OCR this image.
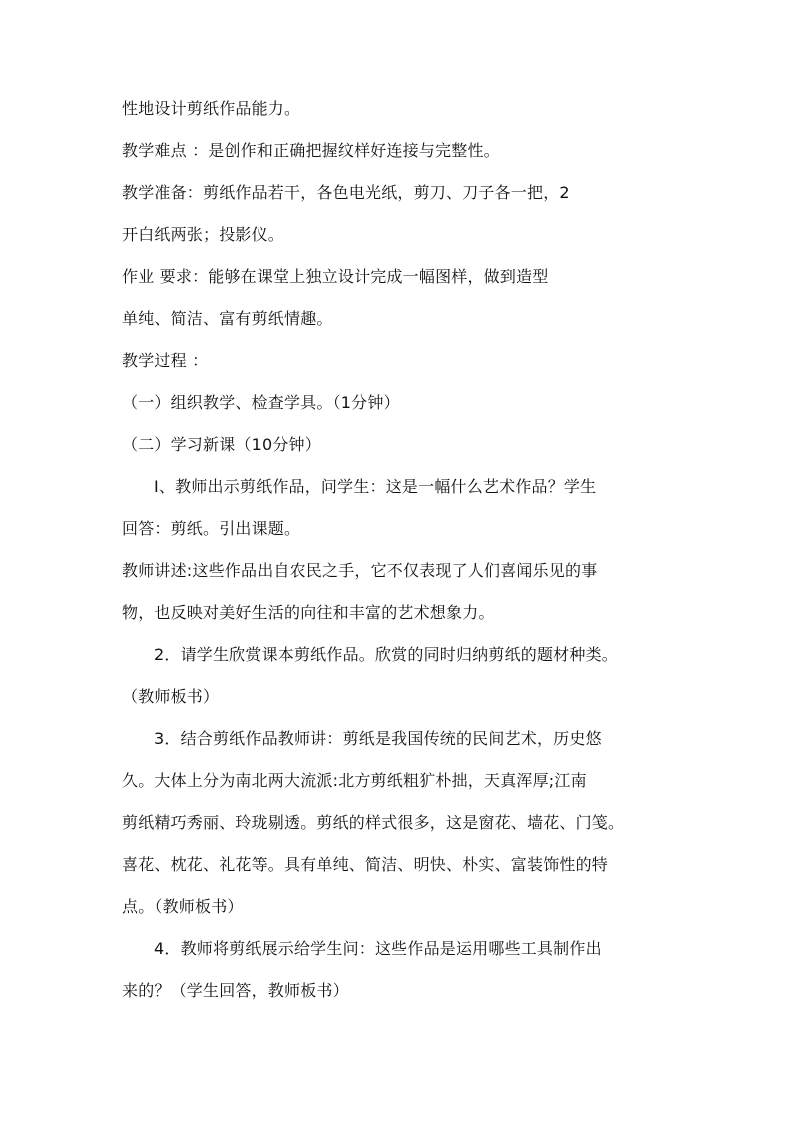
性地设计剪纸作品能力。
教学难点 ：是创作和正确把握纹样好连接与完整性。
教学准备：剪纸作品若干，各色电光纸，剪刀、刀子各一把，2
开白纸两张；投影仪。
作业 要求：能够在课堂上独立设计完成一幅图样，做到造型
单纯、简洁、富有剪纸情趣。
教学过程 ：
（一）组织教学、检查学具。（1分钟）
（二）学习新课（10分钟）
I、教师出示剪纸作品，问学生：这是一幅什么艺术作品？学生
回答：剪纸。引出课题。
教师讲述:这些作品出自农民之手，它不仅表现了人们喜闻乐见的事
物，也反映对美好生活的向往和丰富的艺术想象力。
2．请学生欣赏课本剪纸作品。欣赏的同时归纳剪纸的题材种类。
（教师板书）
3．结合剪纸作品教师讲：剪纸是我国传统的民间艺术，历史悠
久。大体上分为南北两大流派:北方剪纸粗犷朴拙，天真浑厚;江南
剪纸精巧秀丽、玲珑剔透。剪纸的样式很多，这是窗花、墙花、门笺。
喜花、枕花、礼花等。具有单纯、简洁、明快、朴实、富装饰性的特
点。（教师板书）
4．教师将剪纸展示给学生问：这些作品是运用哪些工具制作出
来的？（学生回答，教师板书）
